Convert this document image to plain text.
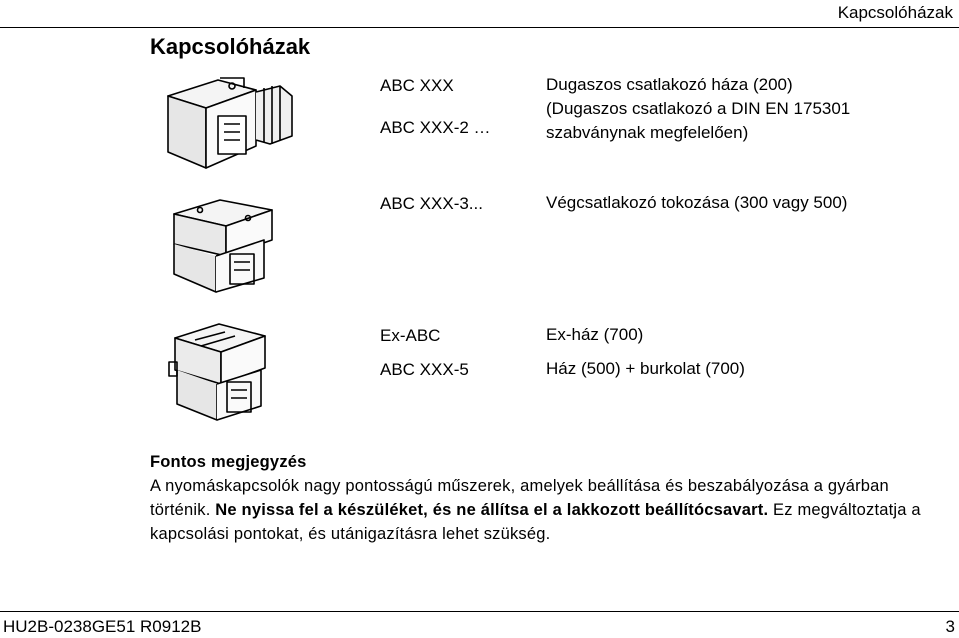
Kapcsolóházak
Kapcsolóházak
ABC XXX
ABC XXX-2 …
Dugaszos csatlakozó háza (200)
(Dugaszos csatlakozó a DIN EN 175301
szabványnak megfelelően)
ABC XXX-3...	Végcsatlakozó tokozása (300 vagy 500)
Ex-ABC
ABC XXX-5
Ex-ház (700)
Ház (500) + burkolat (700)
Fontos megjegyzés
A nyomáskapcsolók nagy pontosságú műszerek, amelyek beállítása és beszabályozása a gyárban történik. Ne nyissa fel a készüléket, és ne állítsa el a lakkozott beállítócsavart. Ez megváltoztatja a kapcsolási pontokat, és utánigazításra lehet szükség.
HU2B-0238GE51 R0912B	3
